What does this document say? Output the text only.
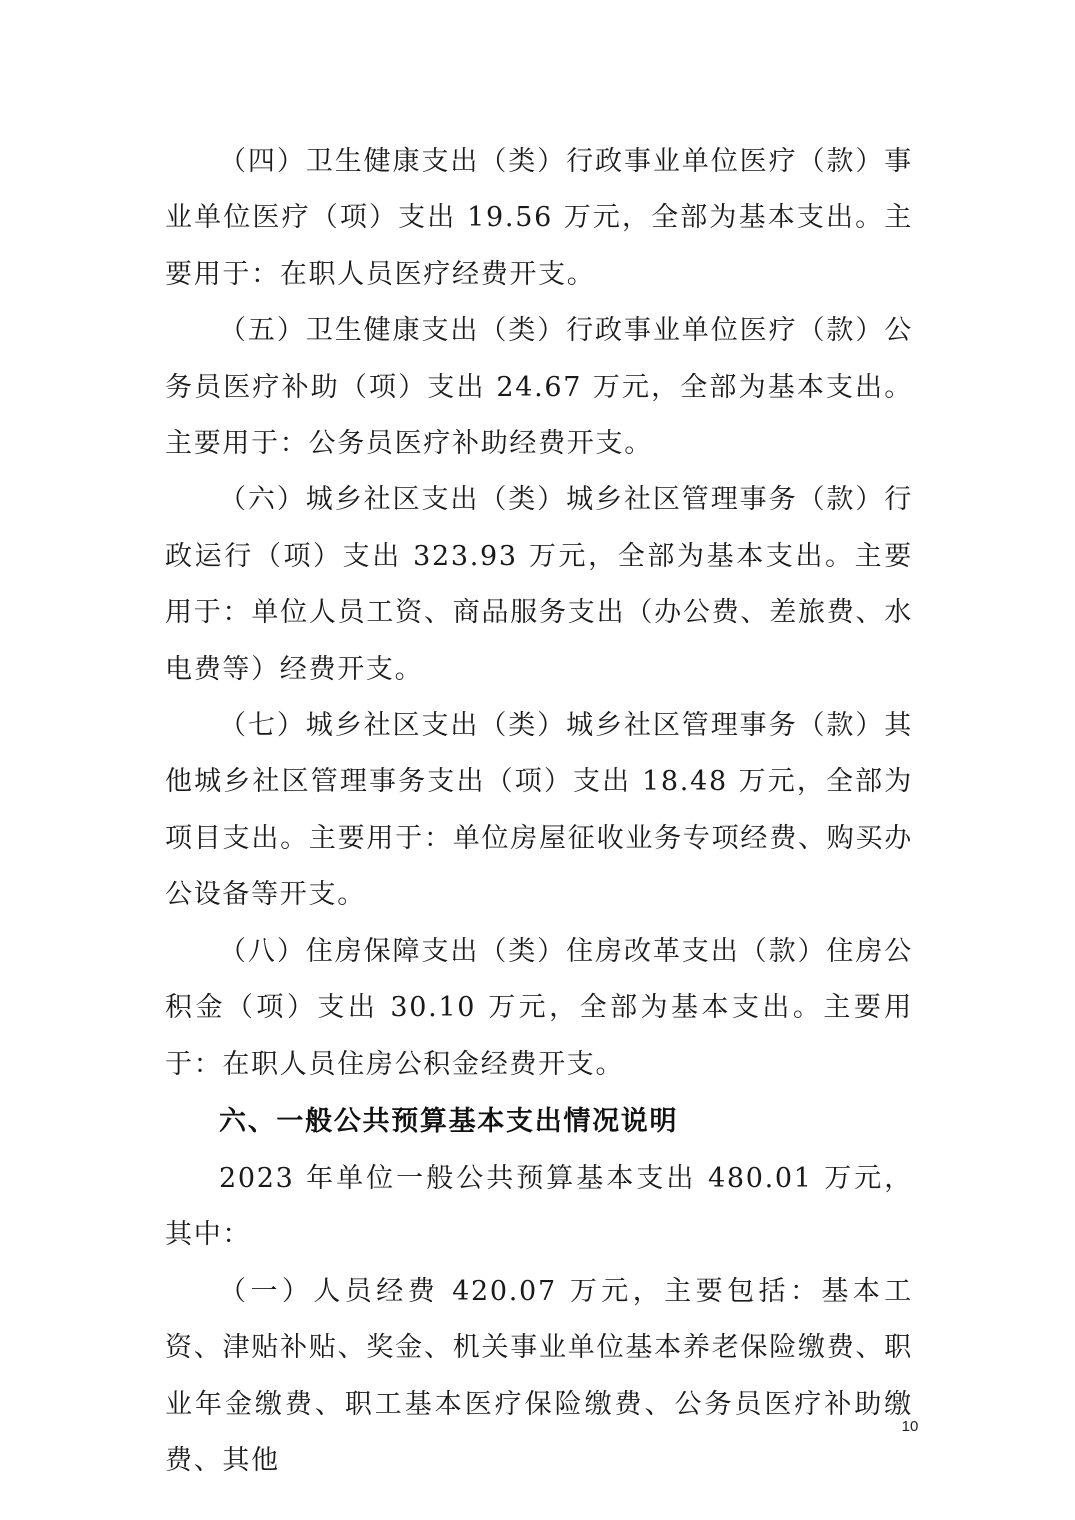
（四）卫生健康支出（类）行政事业单位医疗（款）事业单位医疗（项）支出 19.56 万元，全部为基本支出。主要用于：在职人员医疗经费开支。

（五）卫生健康支出（类）行政事业单位医疗（款）公务员医疗补助（项）支出 24.67 万元，全部为基本支出。主要用于：公务员医疗补助经费开支。

（六）城乡社区支出（类）城乡社区管理事务（款）行政运行（项）支出 323.93 万元，全部为基本支出。主要用于：单位人员工资、商品服务支出（办公费、差旅费、水电费等）经费开支。

（七）城乡社区支出（类）城乡社区管理事务（款）其他城乡社区管理事务支出（项）支出 18.48 万元，全部为项目支出。主要用于：单位房屋征收业务专项经费、购买办公设备等开支。

（八）住房保障支出（类）住房改革支出（款）住房公积金（项）支出 30.10 万元，全部为基本支出。主要用于：在职人员住房公积金经费开支。

六、一般公共预算基本支出情况说明

2023 年单位一般公共预算基本支出 480.01 万元，其中：

（一）人员经费 420.07 万元，主要包括：基本工资、津贴补贴、奖金、机关事业单位基本养老保险缴费、职业年金缴费、职工基本医疗保险缴费、公务员医疗补助缴费、其他

10
